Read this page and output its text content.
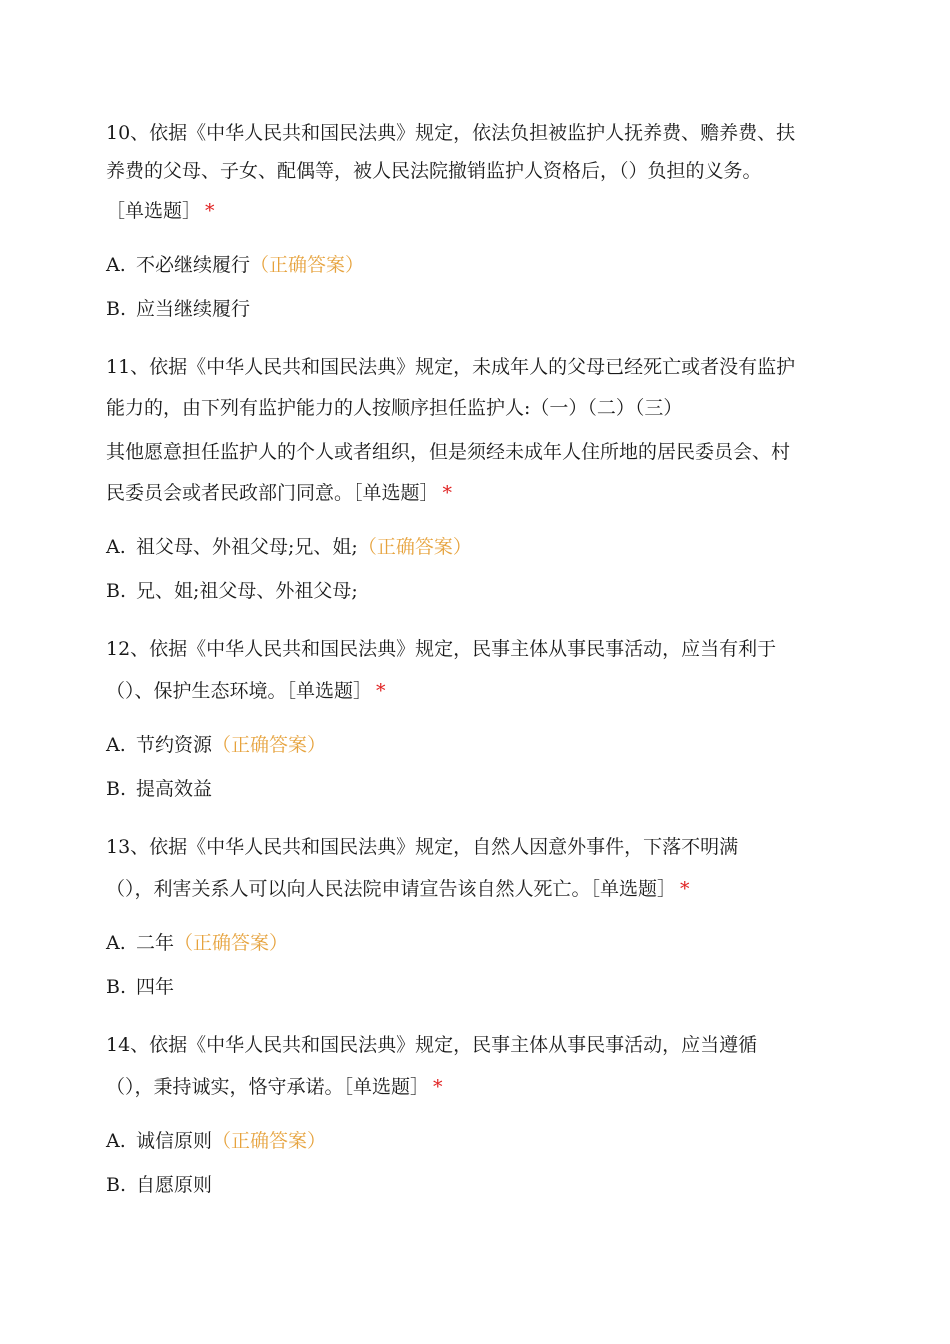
10、依据《中华人民共和国民法典》规定，依法负担被监护人抚养费、赡养费、扶
养费的父母、子女、配偶等，被人民法院撤销监护人资格后，（）负担的义务。
［单选题］ *
A. 不必继续履行（正确答案）
B. 应当继续履行
11、依据《中华人民共和国民法典》规定，未成年人的父母已经死亡或者没有监护
能力的，由下列有监护能力的人按顺序担任监护人:（一）（二）（三）
其他愿意担任监护人的个人或者组织，但是须经未成年人住所地的居民委员会、村
民委员会或者民政部门同意。［单选题］ *
A. 祖父母、外祖父母;兄、姐;（正确答案）
B. 兄、姐;祖父母、外祖父母;
12、依据《中华人民共和国民法典》规定，民事主体从事民事活动，应当有利于
（）、保护生态环境。［单选题］ *
A. 节约资源（正确答案）
B. 提高效益
13、依据《中华人民共和国民法典》规定，自然人因意外事件，下落不明满
（），利害关系人可以向人民法院申请宣告该自然人死亡。［单选题］ *
A. 二年（正确答案）
B. 四年
14、依据《中华人民共和国民法典》规定，民事主体从事民事活动，应当遵循
（），秉持诚实，恪守承诺。［单选题］ *
A. 诚信原则（正确答案）
B. 自愿原则
